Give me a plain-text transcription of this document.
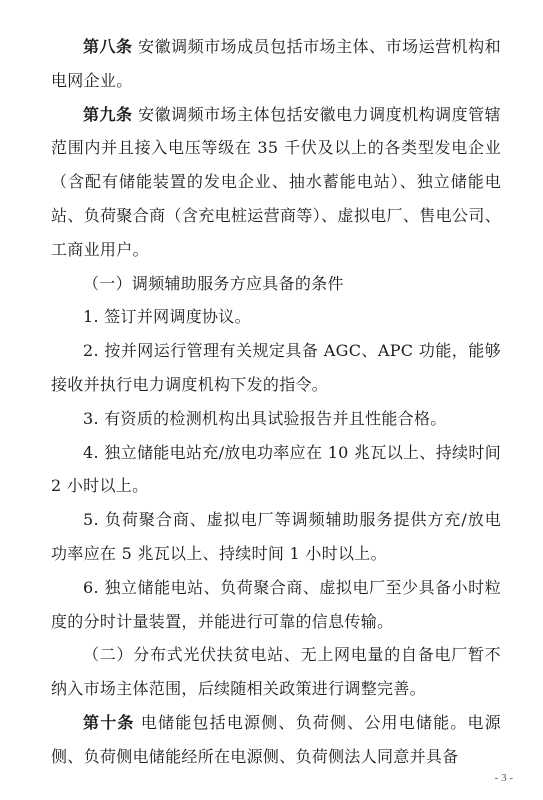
第八条 安徽调频市场成员包括市场主体、市场运营机构和电网企业。

第九条 安徽调频市场主体包括安徽电力调度机构调度管辖范围内并且接入电压等级在 35 千伏及以上的各类型发电企业（含配有储能装置的发电企业、抽水蓄能电站）、独立储能电站、负荷聚合商（含充电桩运营商等）、虚拟电厂、售电公司、工商业用户。

（一）调频辅助服务方应具备的条件

1. 签订并网调度协议。

2. 按并网运行管理有关规定具备 AGC、APC 功能，能够接收并执行电力调度机构下发的指令。

3. 有资质的检测机构出具试验报告并且性能合格。

4. 独立储能电站充/放电功率应在 10 兆瓦以上、持续时间 2 小时以上。

5. 负荷聚合商、虚拟电厂等调频辅助服务提供方充/放电功率应在 5 兆瓦以上、持续时间 1 小时以上。

6. 独立储能电站、负荷聚合商、虚拟电厂至少具备小时粒度的分时计量装置，并能进行可靠的信息传输。

（二）分布式光伏扶贫电站、无上网电量的自备电厂暂不纳入市场主体范围，后续随相关政策进行调整完善。

第十条 电储能包括电源侧、负荷侧、公用电储能。电源侧、负荷侧电储能经所在电源侧、负荷侧法人同意并具备

- 3 -
